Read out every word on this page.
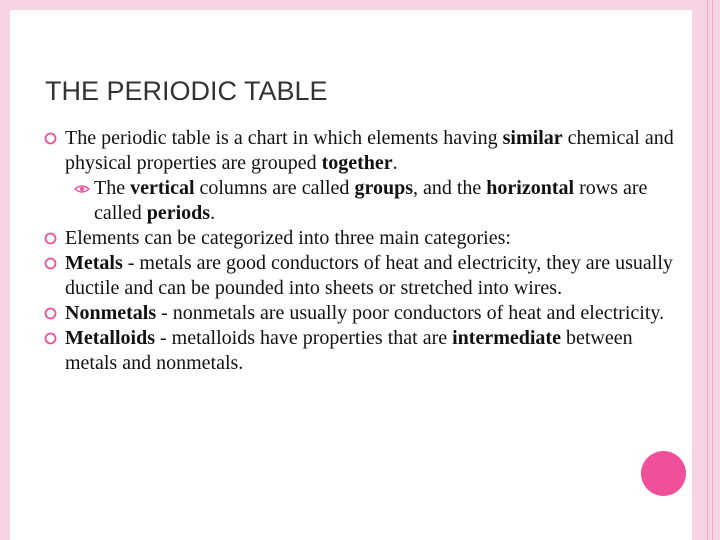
THE PERIODIC TABLE
The periodic table is a chart in which elements having similar chemical and physical properties are grouped together.
The vertical columns are called groups, and the horizontal rows are called periods.
Elements can be categorized into three main categories:
Metals - metals are good conductors of heat and electricity, they are usually ductile and can be pounded into sheets or stretched into wires.
Nonmetals - nonmetals are usually poor conductors of heat and electricity.
Metalloids - metalloids have properties that are intermediate between metals and nonmetals.
